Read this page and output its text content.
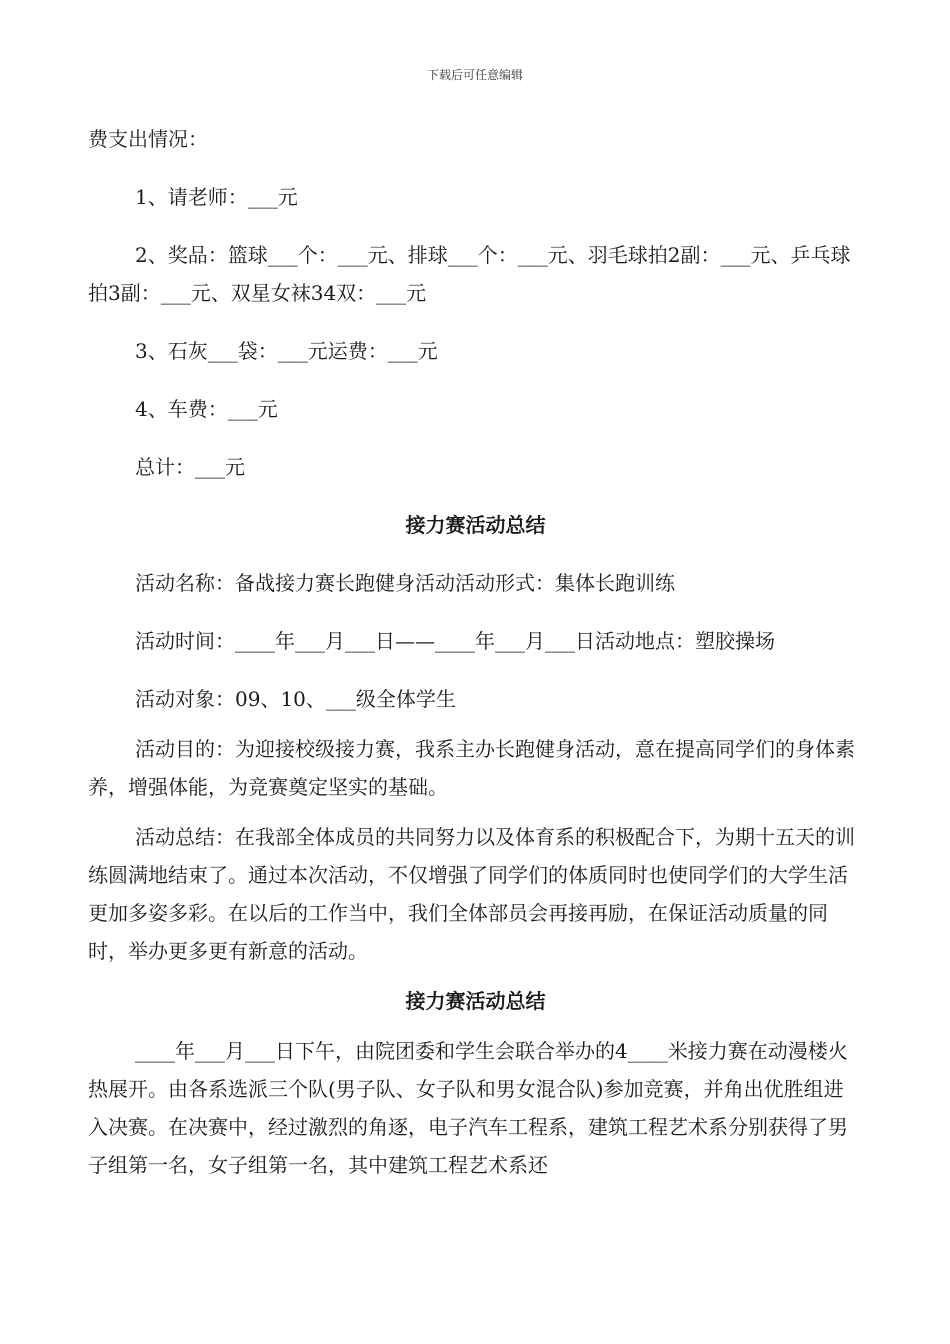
下载后可任意编辑

费支出情况：

1、请老师：___元

2、奖品：篮球___个：___元、排球___个：___元、羽毛球拍2副：___元、乒乓球拍3副：___元、双星女袜34双：___元

3、石灰___袋：___元运费：___元

4、车费：___元

总计：___元

接力赛活动总结

活动名称：备战接力赛长跑健身活动活动形式：集体长跑训练

活动时间：____年___月___日——____年___月___日活动地点：塑胶操场

活动对象：09、10、___级全体学生

活动目的：为迎接校级接力赛，我系主办长跑健身活动，意在提高同学们的身体素养，增强体能，为竞赛奠定坚实的基础。

活动总结：在我部全体成员的共同努力以及体育系的积极配合下，为期十五天的训练圆满地结束了。通过本次活动，不仅增强了同学们的体质同时也使同学们的大学生活更加多姿多彩。在以后的工作当中，我们全体部员会再接再励，在保证活动质量的同时，举办更多更有新意的活动。

接力赛活动总结

____年___月___日下午，由院团委和学生会联合举办的4____米接力赛在动漫楼火热展开。由各系选派三个队(男子队、女子队和男女混合队)参加竞赛，并角出优胜组进入决赛。在决赛中，经过激烈的角逐，电子汽车工程系，建筑工程艺术系分别获得了男子组第一名，女子组第一名，其中建筑工程艺术系还
